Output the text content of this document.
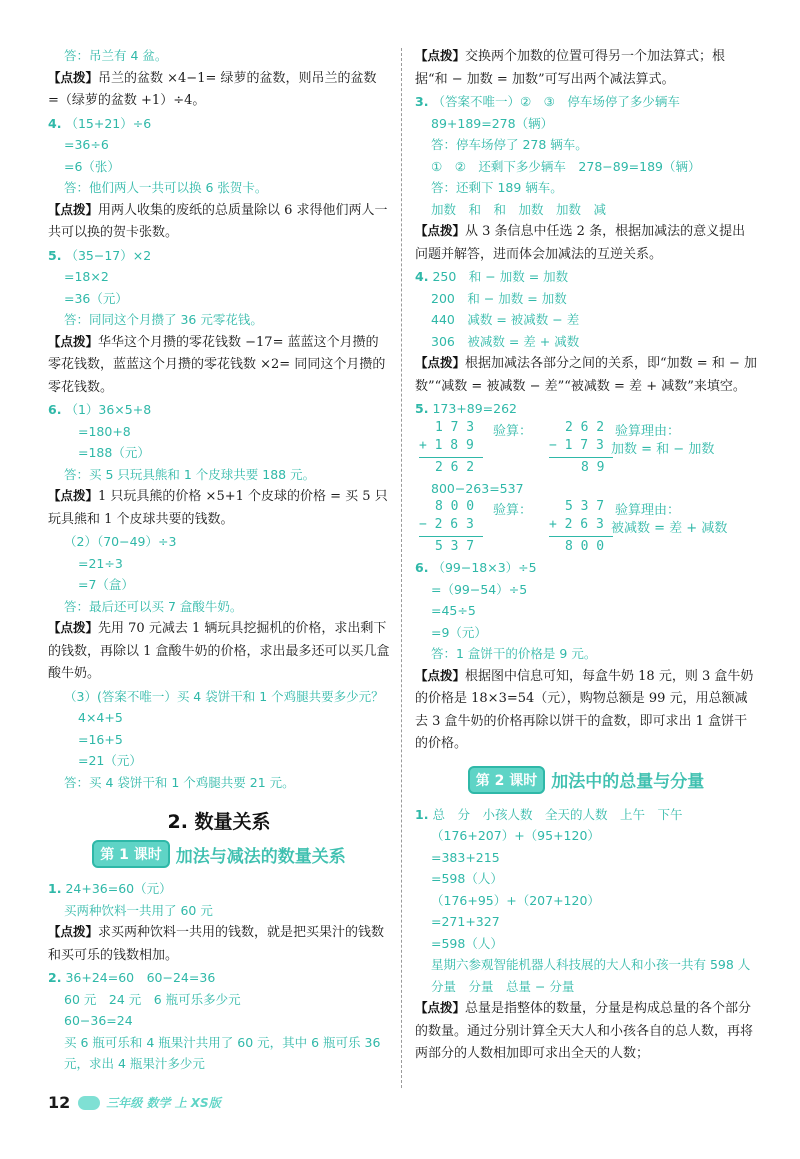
答：吊兰有 4 盆。
【点拨】吊兰的盆数 ×4−1= 绿萝的盆数，则吊兰的盆数 =（绿萝的盆数 +1）÷4。
4. （15+21）÷6
=36÷6
=6（张）
答：他们两人一共可以换 6 张贺卡。
【点拨】用两人收集的废纸的总质量除以 6 求得他们两人一共可以换的贺卡张数。
5. （35−17）×2
=18×2
=36（元）
答：同同这个月攒了 36 元零花钱。
【点拨】华华这个月攒的零花钱数 −17= 蓝蓝这个月攒的零花钱数，蓝蓝这个月攒的零花钱数 ×2= 同同这个月攒的零花钱数。
6. （1）36×5+8
=180+8
=188（元）
答：买 5 只玩具熊和 1 个皮球共要 188 元。
【点拨】1 只玩具熊的价格 ×5+1 个皮球的价格 = 买 5 只玩具熊和 1 个皮球共要的钱数。
（2）（70−49）÷3
=21÷3
=7（盒）
答：最后还可以买 7 盒酸牛奶。
【点拨】先用 70 元减去 1 辆玩具挖掘机的价格，求出剩下的钱数，再除以 1 盒酸牛奶的价格，求出最多还可以买几盒酸牛奶。
（3）(答案不唯一）买 4 袋饼干和 1 个鸡腿共要多少元？
4×4+5
=16+5
=21（元）
答：买 4 袋饼干和 1 个鸡腿共要 21 元。
2. 数量关系
第 1 课时 加法与减法的数量关系
1. 24+36=60（元）
买两种饮料一共用了 60 元
【点拨】求买两种饮料一共用的钱数，就是把买果汁的钱数和买可乐的钱数相加。
2. 36+24=60　60−24=36
60 元　24 元　6 瓶可乐多少元
60−36=24
买 6 瓶可乐和 4 瓶果汁共用了 60 元，其中 6 瓶可乐 36 元，求出 4 瓶果汁多少元
【点拨】交换两个加数的位置可得另一个加法算式；根据“和 − 加数 = 加数”可写出两个减法算式。
3. （答案不唯一）②　③　停车场停了多少辆车
89+189=278（辆）
答：停车场停了 278 辆车。
①　②　还剩下多少辆车　278−89=189（辆）
答：还剩下 189 辆车。
加数　和　和　加数　加数　减
【点拨】从 3 条信息中任选 2 条，根据加减法的意义提出问题并解答，进而体会加减法的互逆关系。
4. 250　和 − 加数 = 加数
200　和 − 加数 = 加数
440　减数 = 被减数 − 差
306　被减数 = 差 + 减数
【点拨】根据加减法各部分之间的关系，即“加数 = 和 − 加数”“减数 = 被减数 − 差”“被减数 = 差 + 减数”来填空。
5. 173+89=262
1 7 3 验算：
+ 1 8 9
2 6 2
2 6 2 验算理由：
− 1 7 3 加数 = 和 − 加数
8 9
800−263=537
8 0 0 验算：
− 2 6 3
5 3 7
5 3 7 验算理由：
+ 2 6 3 被减数 = 差 + 减数
8 0 0
6. （99−18×3）÷5
=（99−54）÷5
=45÷5
=9（元）
答：1 盒饼干的价格是 9 元。
【点拨】根据图中信息可知，每盒牛奶 18 元，则 3 盒牛奶的价格是 18×3=54（元），购物总额是 99 元，用总额减去 3 盒牛奶的价格再除以饼干的盒数，即可求出 1 盒饼干的价格。
第 2 课时 加法中的总量与分量
1. 总　分　小孩人数　全天的人数　上午　下午
（176+207）+（95+120）
=383+215
=598（人）
（176+95）+（207+120）
=271+327
=598（人）
星期六参观智能机器人科技展的大人和小孩一共有 598 人
分量　分量　总量 − 分量
【点拨】总量是指整体的数量，分量是构成总量的各个部分的数量。通过分别计算全天大人和小孩各自的总人数，再将两部分的人数相加即可求出全天的人数；
12	三年级 数学 上 XS版
